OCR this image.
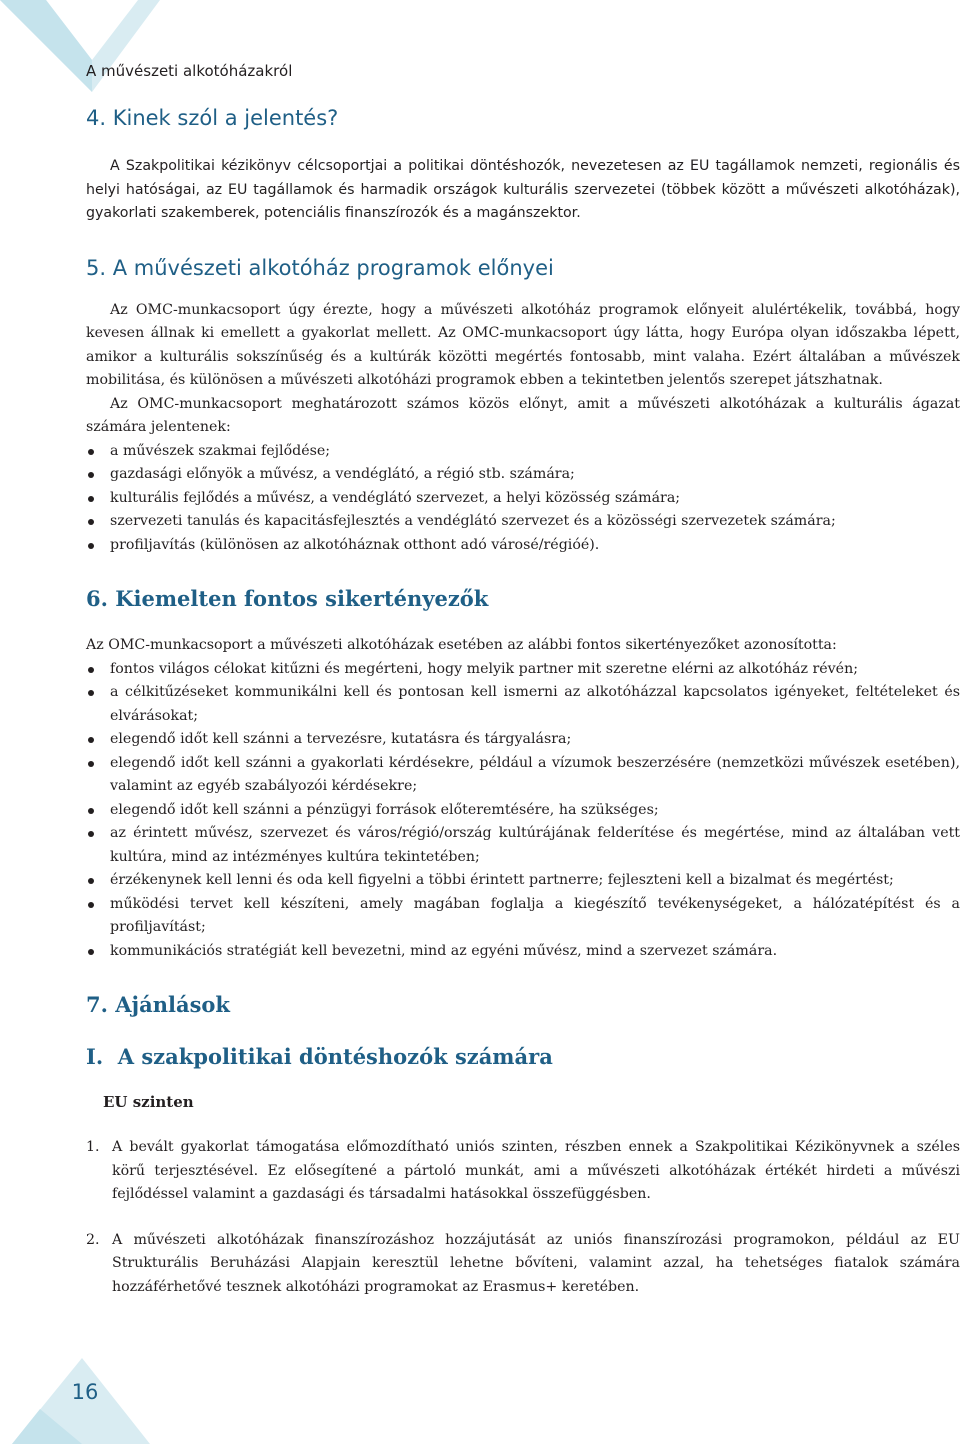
A művészeti alkotóházakról
4. Kinek szól a jelentés?

A Szakpolitikai kézikönyv célcsoportjai a politikai döntéshozók, nevezetesen az EU tagállamok nemzeti, regionális és helyi hatóságai, az EU tagállamok és harmadik országok kulturális szervezetei (többek között a művészeti alkotóházak), gyakorlati szakemberek, potenciális finanszírozók és a magánszektor.

5. A művészeti alkotóház programok előnyei

Az OMC-munkacsoport úgy érezte, hogy a művészeti alkotóház programok előnyeit alulértékelik, továbbá, hogy kevesen állnak ki emellett a gyakorlat mellett. Az OMC-munkacsoport úgy látta, hogy Európa olyan időszakba lépett, amikor a kulturális sokszínűség és a kultúrák közötti megértés fontosabb, mint valaha. Ezért általában a művészek mobilitása, és különösen a művészeti alkotóházi programok ebben a tekintetben jelentős szerepet játszhatnak.

Az OMC-munkacsoport meghatározott számos közös előnyt, amit a művészeti alkotóházak a kulturális ágazat számára jelentenek:

a művészek szakmai fejlődése;
gazdasági előnyök a művész, a vendéglátó, a régió stb. számára;
kulturális fejlődés a művész, a vendéglátó szervezet, a helyi közösség számára;
szervezeti tanulás és kapacitásfejlesztés a vendéglátó szervezet és a közösségi szervezetek számára;
profiljavítás (különösen az alkotóháznak otthont adó városé/régióé).
6. Kiemelten fontos sikertényezők

Az OMC-munkacsoport a művészeti alkotóházak esetében az alábbi fontos sikertényezőket azonosította:

fontos világos célokat kitűzni és megérteni, hogy melyik partner mit szeretne elérni az alkotóház révén;
a célkitűzéseket kommunikálni kell és pontosan kell ismerni az alkotóházzal kapcsolatos igényeket, feltételeket és elvárásokat;
elegendő időt kell szánni a tervezésre, kutatásra és tárgyalásra;
elegendő időt kell szánni a gyakorlati kérdésekre, például a vízumok beszerzésére (nemzetközi művészek esetében), valamint az egyéb szabályozói kérdésekre;
elegendő időt kell szánni a pénzügyi források előteremtésére, ha szükséges;
az érintett művész, szervezet és város/régió/ország kultúrájának felderítése és megértése, mind az általában vett kultúra, mind az intézményes kultúra tekintetében;
érzékenynek kell lenni és oda kell figyelni a többi érintett partnerre; fejleszteni kell a bizalmat és megértést;
működési tervet kell készíteni, amely magában foglalja a kiegészítő tevékenységeket, a hálózatépítést és a profiljavítást;
kommunikációs stratégiát kell bevezetni, mind az egyéni művész, mind a szervezet számára.
7. Ajánlások
I.  A szakpolitikai döntéshozók számára

EU szinten

1. A bevált gyakorlat támogatása előmozdítható uniós szinten, részben ennek a Szakpolitikai Kézikönyvnek a széles körű terjesztésével. Ez elősegítené a pártoló munkát, ami a művészeti alkotóházak értékét hirdeti a művészi fejlődéssel valamint a gazdasági és társadalmi hatásokkal összefüggésben.
2. A művészeti alkotóházak finanszírozáshoz hozzájutását az uniós finanszírozási programokon, például az EU Strukturális Beruházási Alapjain keresztül lehetne bővíteni, valamint azzal, ha tehetséges fiatalok számára hozzáférhetővé tesznek alkotóházi programokat az Erasmus+ keretében.
16
